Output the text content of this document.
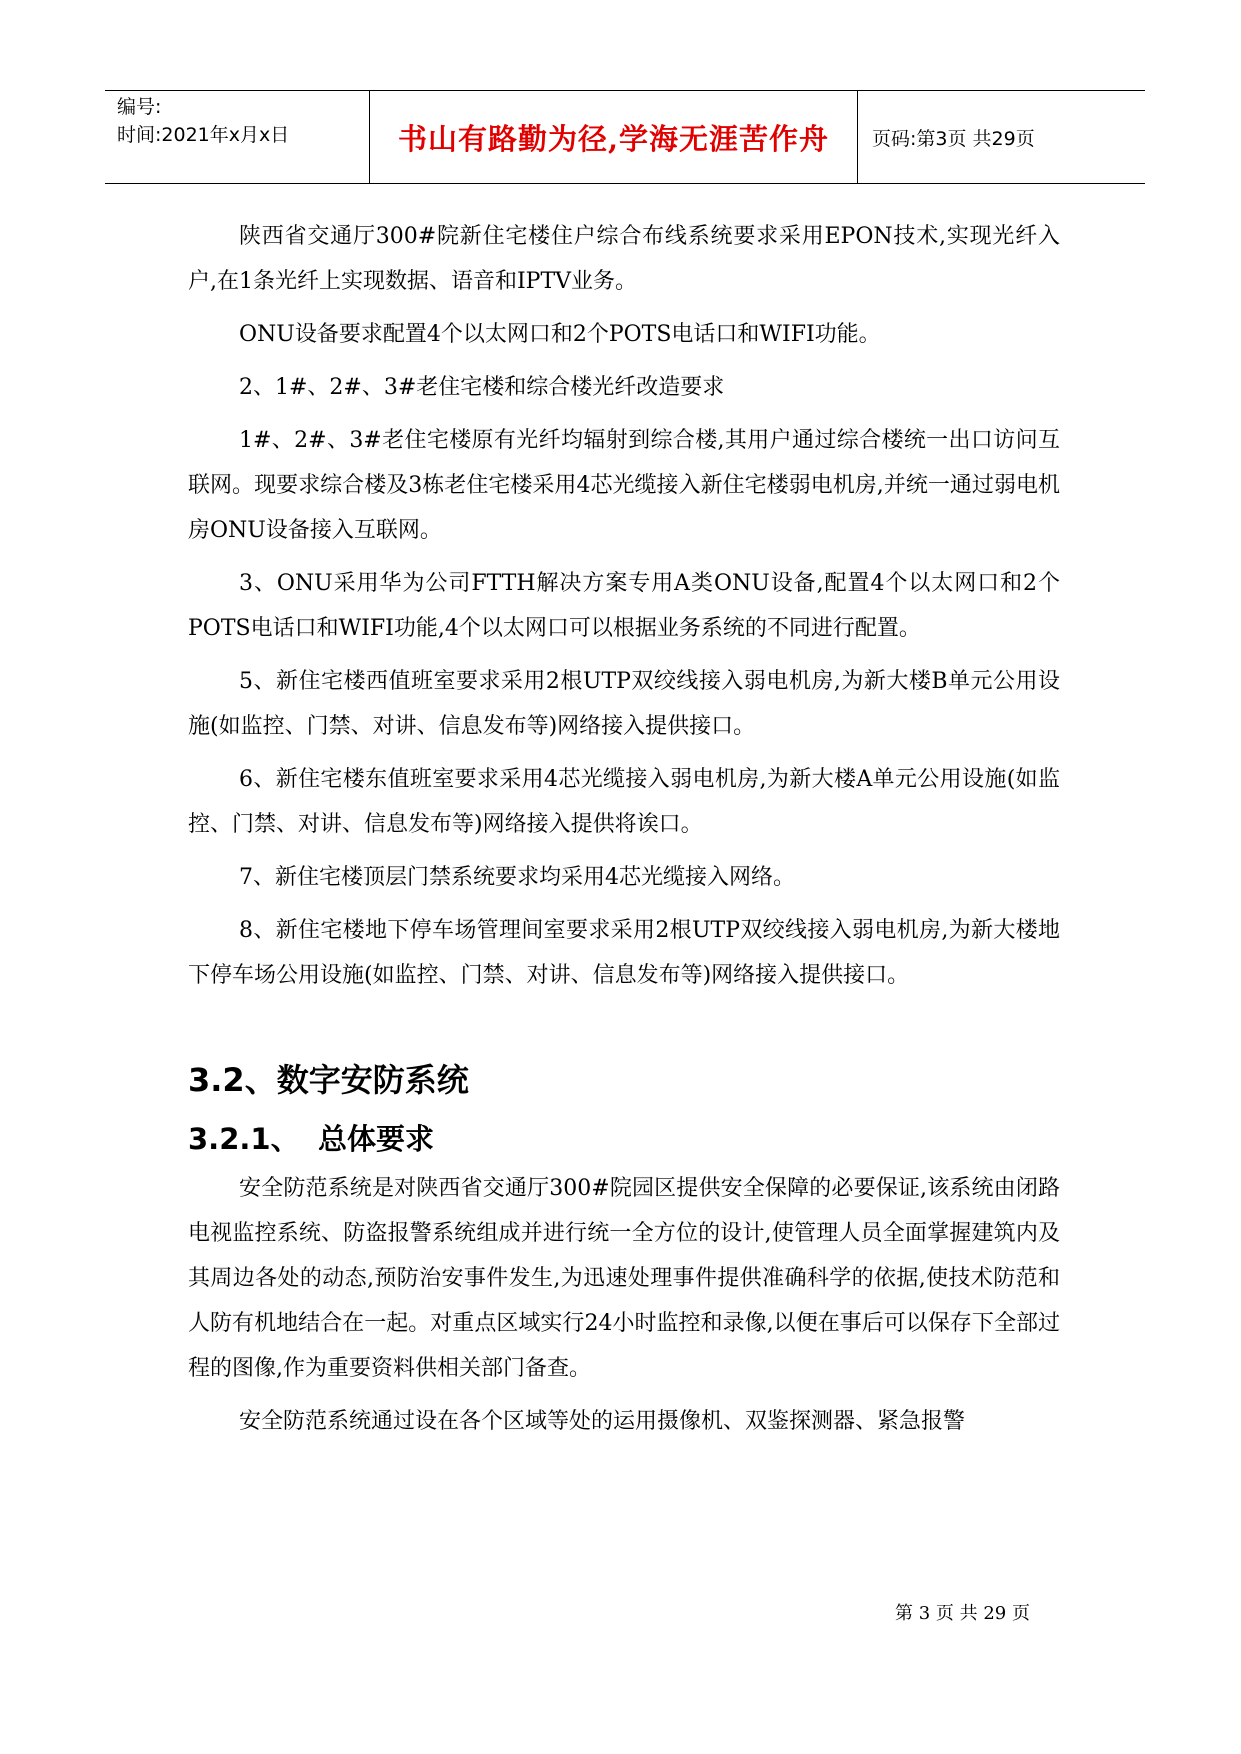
编号:
时间:2021年x月x日	书山有路勤为径,学海无涯苦作舟	页码:第3页 共29页

陕西省交通厅300#院新住宅楼住户综合布线系统要求采用EPON技术,实现光纤入户,在1条光纤上实现数据、语音和IPTV业务。

ONU设备要求配置4个以太网口和2个POTS电话口和WIFI功能。

2、1#、2#、3#老住宅楼和综合楼光纤改造要求

1#、2#、3#老住宅楼原有光纤均辐射到综合楼,其用户通过综合楼统一出口访问互联网。现要求综合楼及3栋老住宅楼采用4芯光缆接入新住宅楼弱电机房,并统一通过弱电机房ONU设备接入互联网。

3、ONU采用华为公司FTTH解决方案专用A类ONU设备,配置4个以太网口和2个POTS电话口和WIFI功能,4个以太网口可以根据业务系统的不同进行配置。

5、新住宅楼西值班室要求采用2根UTP双绞线接入弱电机房,为新大楼B单元公用设施(如监控、门禁、对讲、信息发布等)网络接入提供接口。

6、新住宅楼东值班室要求采用4芯光缆接入弱电机房,为新大楼A单元公用设施(如监控、门禁、对讲、信息发布等)网络接入提供将诶口。

7、新住宅楼顶层门禁系统要求均采用4芯光缆接入网络。

8、新住宅楼地下停车场管理间室要求采用2根UTP双绞线接入弱电机房,为新大楼地下停车场公用设施(如监控、门禁、对讲、信息发布等)网络接入提供接口。

3.2、数字安防系统
3.2.1、 总体要求

安全防范系统是对陕西省交通厅300#院园区提供安全保障的必要保证,该系统由闭路电视监控系统、防盗报警系统组成并进行统一全方位的设计,使管理人员全面掌握建筑内及其周边各处的动态,预防治安事件发生,为迅速处理事件提供准确科学的依据,使技术防范和人防有机地结合在一起。对重点区域实行24小时监控和录像,以便在事后可以保存下全部过程的图像,作为重要资料供相关部门备查。

安全防范系统通过设在各个区域等处的运用摄像机、双鉴探测器、紧急报警

第 3 页 共 29 页
